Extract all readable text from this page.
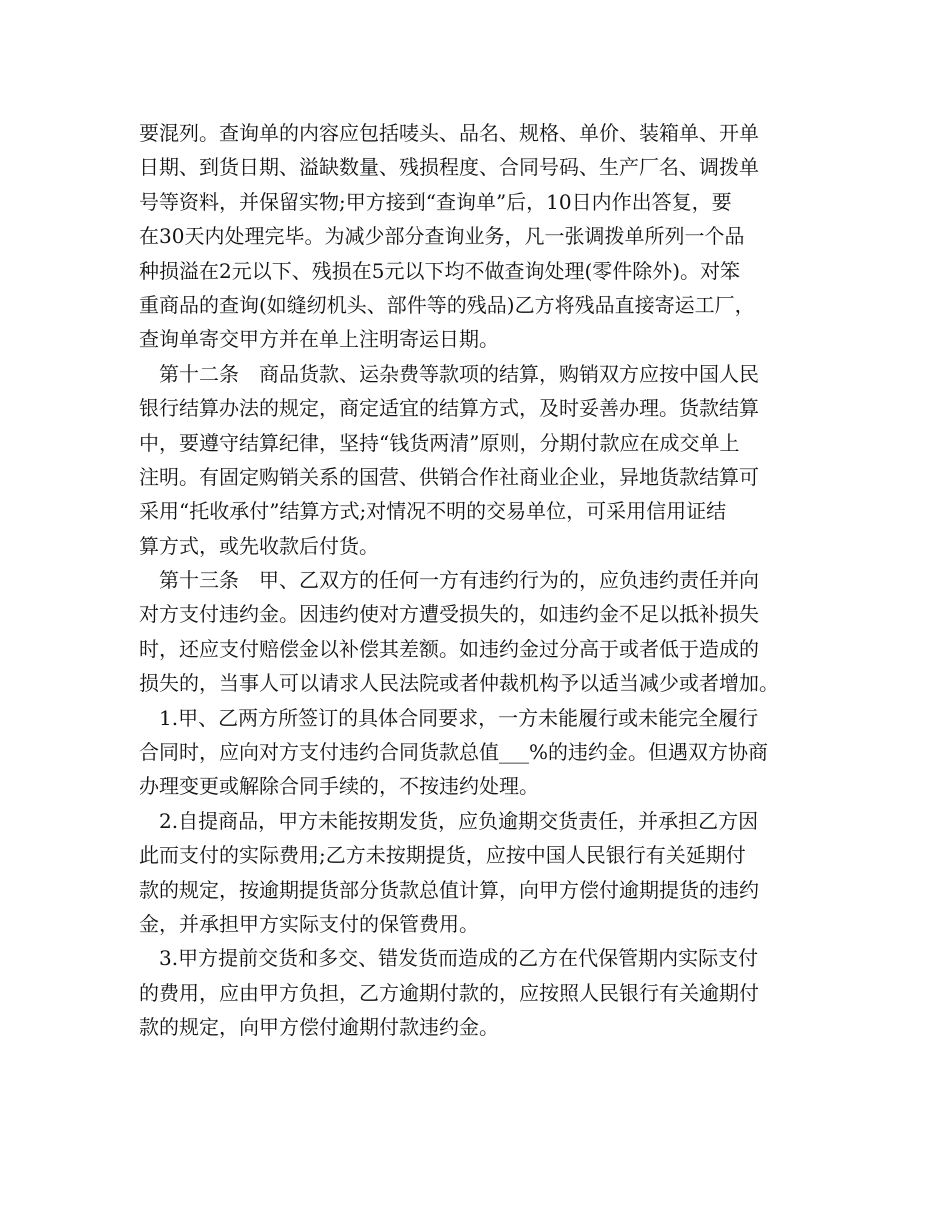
要混列。查询单的内容应包括唛头、品名、规格、单价、装箱单、开单
日期、到货日期、溢缺数量、残损程度、合同号码、生产厂名、调拨单
号等资料，并保留实物;甲方接到“查询单”后，10日内作出答复，要
在30天内处理完毕。为减少部分查询业务，凡一张调拨单所列一个品
种损溢在2元以下、残损在5元以下均不做查询处理(零件除外)。对笨
重商品的查询(如缝纫机头、部件等的残品)乙方将残品直接寄运工厂，
查询单寄交甲方并在单上注明寄运日期。
　第十二条　商品货款、运杂费等款项的结算，购销双方应按中国人民
银行结算办法的规定，商定适宜的结算方式，及时妥善办理。货款结算
中，要遵守结算纪律，坚持“钱货两清”原则，分期付款应在成交单上
注明。有固定购销关系的国营、供销合作社商业企业，异地货款结算可
采用“托收承付”结算方式;对情况不明的交易单位，可采用信用证结
算方式，或先收款后付货。
　第十三条　甲、乙双方的任何一方有违约行为的，应负违约责任并向
对方支付违约金。因违约使对方遭受损失的，如违约金不足以抵补损失
时，还应支付赔偿金以补偿其差额。如违约金过分高于或者低于造成的
损失的，当事人可以请求人民法院或者仲裁机构予以适当减少或者增加。
　1.甲、乙两方所签订的具体合同要求，一方未能履行或未能完全履行
合同时，应向对方支付违约合同货款总值___%的违约金。但遇双方协商
办理变更或解除合同手续的，不按违约处理。
　2.自提商品，甲方未能按期发货，应负逾期交货责任，并承担乙方因
此而支付的实际费用;乙方未按期提货，应按中国人民银行有关延期付
款的规定，按逾期提货部分货款总值计算，向甲方偿付逾期提货的违约
金，并承担甲方实际支付的保管费用。
　3.甲方提前交货和多交、错发货而造成的乙方在代保管期内实际支付
的费用，应由甲方负担，乙方逾期付款的，应按照人民银行有关逾期付
款的规定，向甲方偿付逾期付款违约金。
